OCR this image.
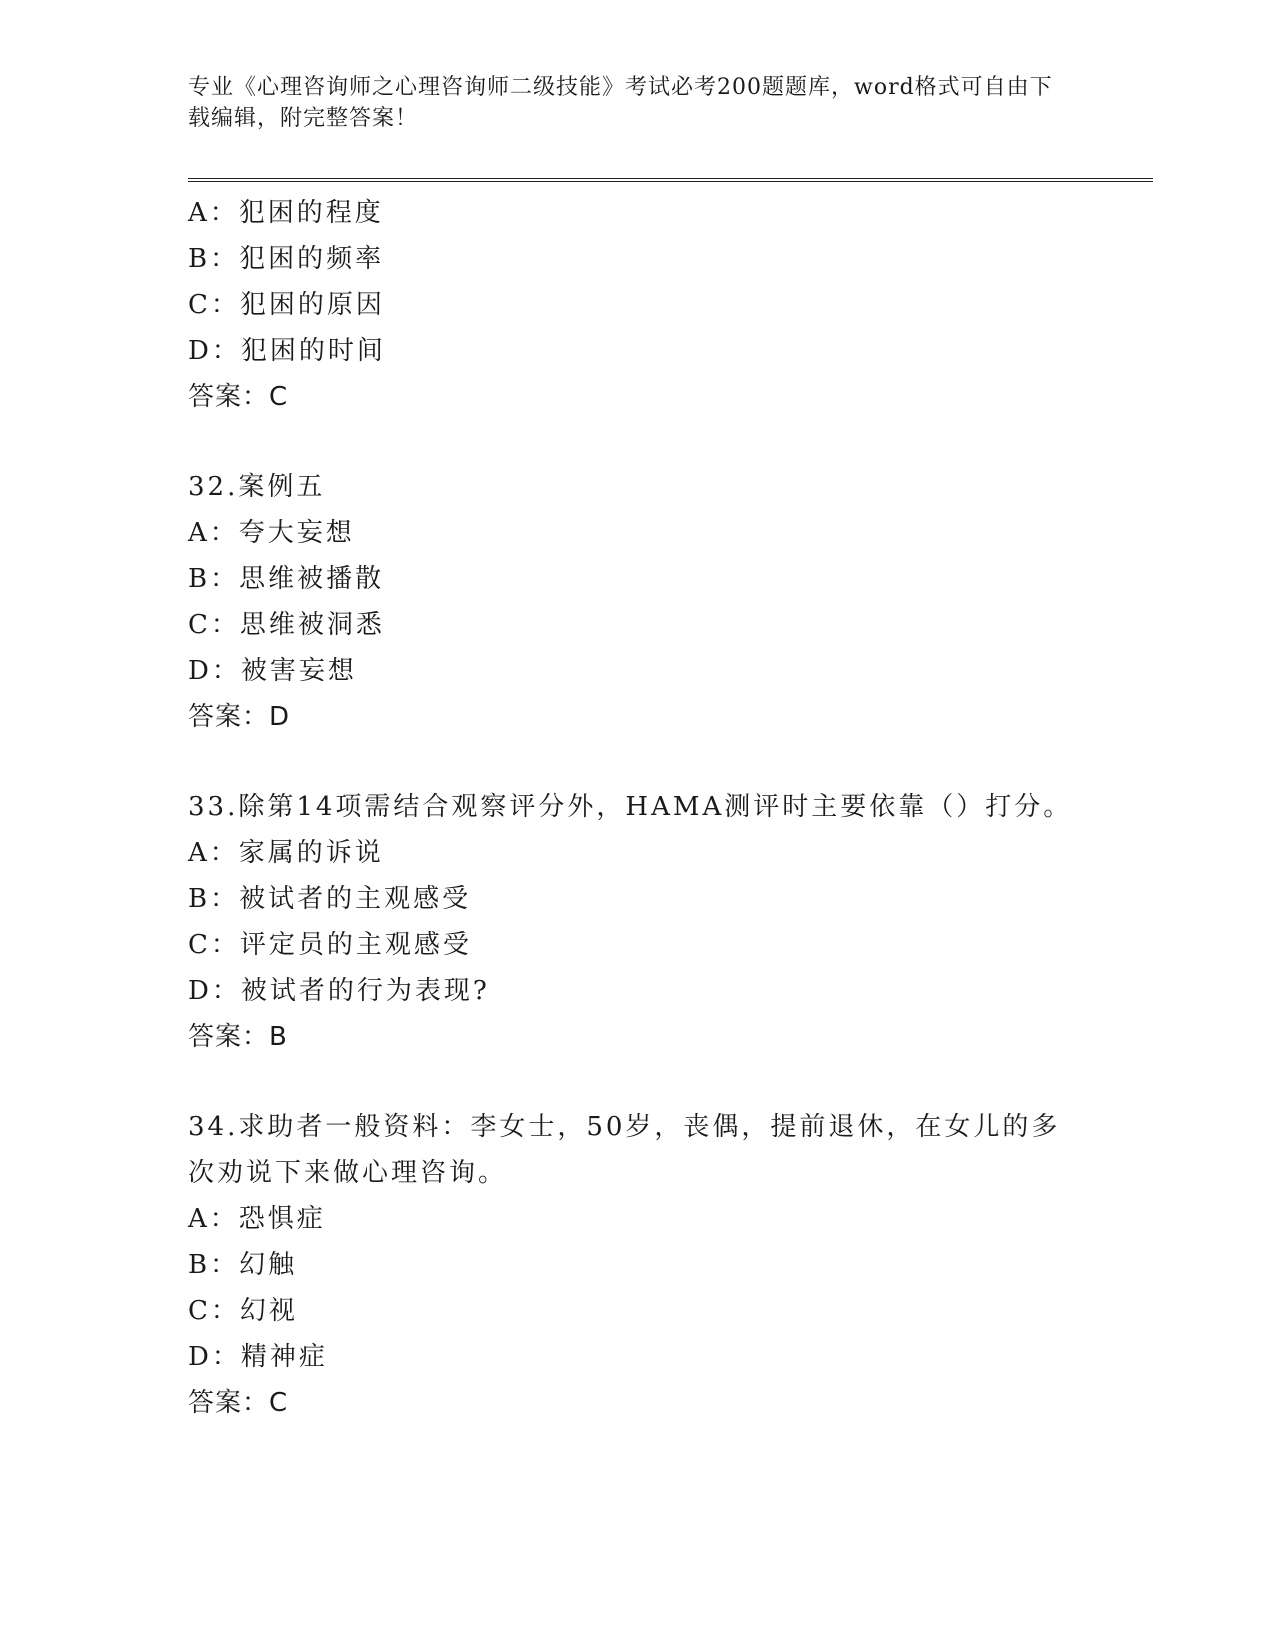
专业《心理咨询师之心理咨询师二级技能》考试必考200题题库，word格式可自由下载编辑，附完整答案！
A：犯困的程度
B：犯困的频率
C：犯困的原因
D：犯困的时间
答案：C
32.案例五
A：夸大妄想
B：思维被播散
C：思维被洞悉
D：被害妄想
答案：D
33.除第14项需结合观察评分外，HAMA测评时主要依靠（）打分。
A：家属的诉说
B：被试者的主观感受
C：评定员的主观感受
D：被试者的行为表现?
答案：B
34.求助者一般资料：李女士，50岁，丧偶，提前退休，在女儿的多次劝说下来做心理咨询。
A：恐惧症
B：幻触
C：幻视
D：精神症
答案：C
